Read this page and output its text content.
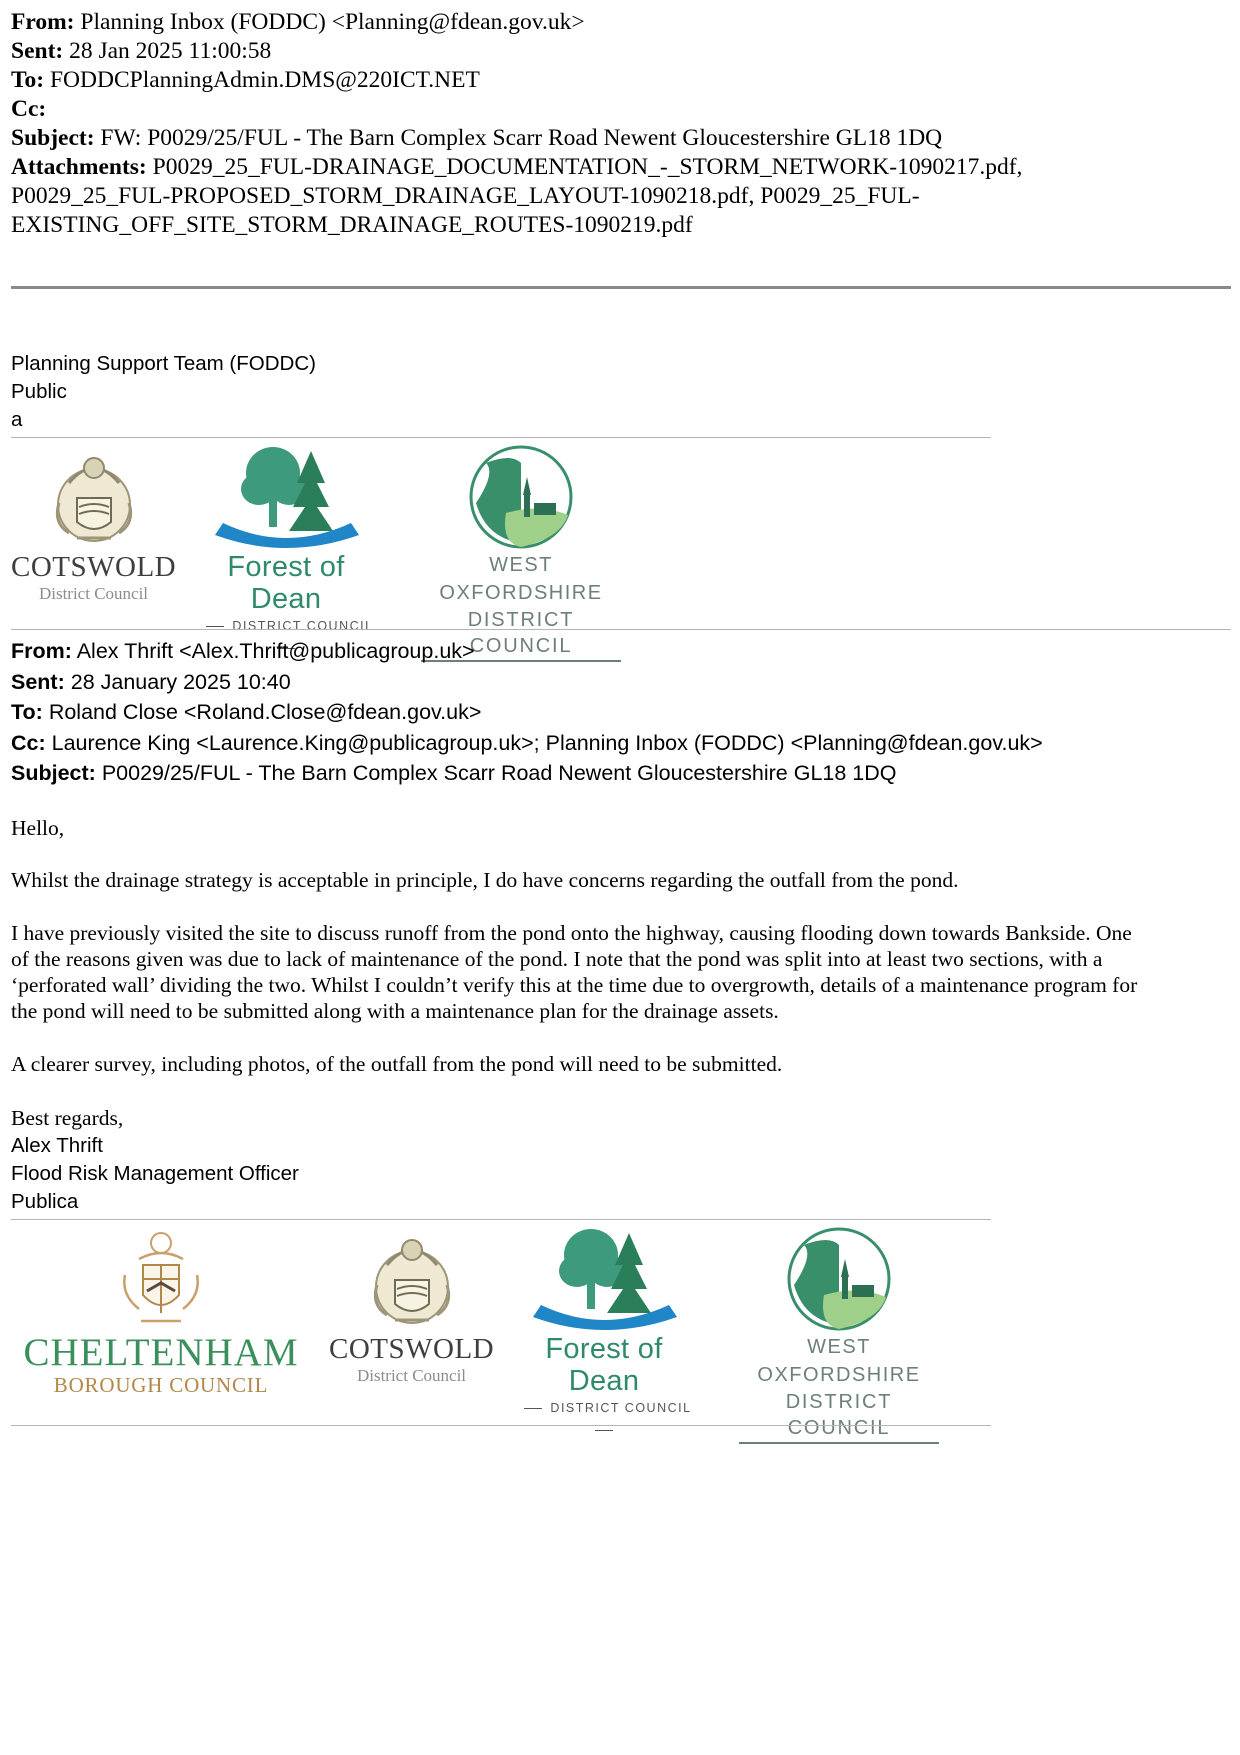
From: Planning Inbox (FODDC) <Planning@fdean.gov.uk>
Sent: 28 Jan 2025 11:00:58
To: FODDCPlanningAdmin.DMS@220ICT.NET
Cc:
Subject: FW: P0029/25/FUL - The Barn Complex Scarr Road Newent Gloucestershire GL18 1DQ
Attachments: P0029_25_FUL-DRAINAGE_DOCUMENTATION_-_STORM_NETWORK-1090217.pdf,
P0029_25_FUL-PROPOSED_STORM_DRAINAGE_LAYOUT-1090218.pdf, P0029_25_FUL-
EXISTING_OFF_SITE_STORM_DRAINAGE_ROUTES-1090219.pdf
Planning Support Team (FODDC)
Public
a
COTSWOLD
District Council
Forest of Dean
DISTRICT COUNCIL
WEST OXFORDSHIRE
DISTRICT COUNCIL
From: Alex Thrift <Alex.Thrift@publicagroup.uk>
Sent: 28 January 2025 10:40
To: Roland Close <Roland.Close@fdean.gov.uk>
Cc: Laurence King <Laurence.King@publicagroup.uk>; Planning Inbox (FODDC) <Planning@fdean.gov.uk>
Subject: P0029/25/FUL - The Barn Complex Scarr Road Newent Gloucestershire GL18 1DQ
Hello,
Whilst the drainage strategy is acceptable in principle, I do have concerns regarding the outfall from the pond.
I have previously visited the site to discuss runoff from the pond onto the highway, causing flooding down towards Bankside. One
of the reasons given was due to lack of maintenance of the pond. I note that the pond was split into at least two sections, with a
‘perforated wall’ dividing the two. Whilst I couldn’t verify this at the time due to overgrowth, details of a maintenance program for
the pond will need to be submitted along with a maintenance plan for the drainage assets.
A clearer survey, including photos, of the outfall from the pond will need to be submitted.
Best regards,
Alex Thrift
Flood Risk Management Officer
Publica
CHELTENHAM
BOROUGH COUNCIL
COTSWOLD
District Council
Forest of Dean
DISTRICT COUNCIL
WEST OXFORDSHIRE
DISTRICT COUNCIL
